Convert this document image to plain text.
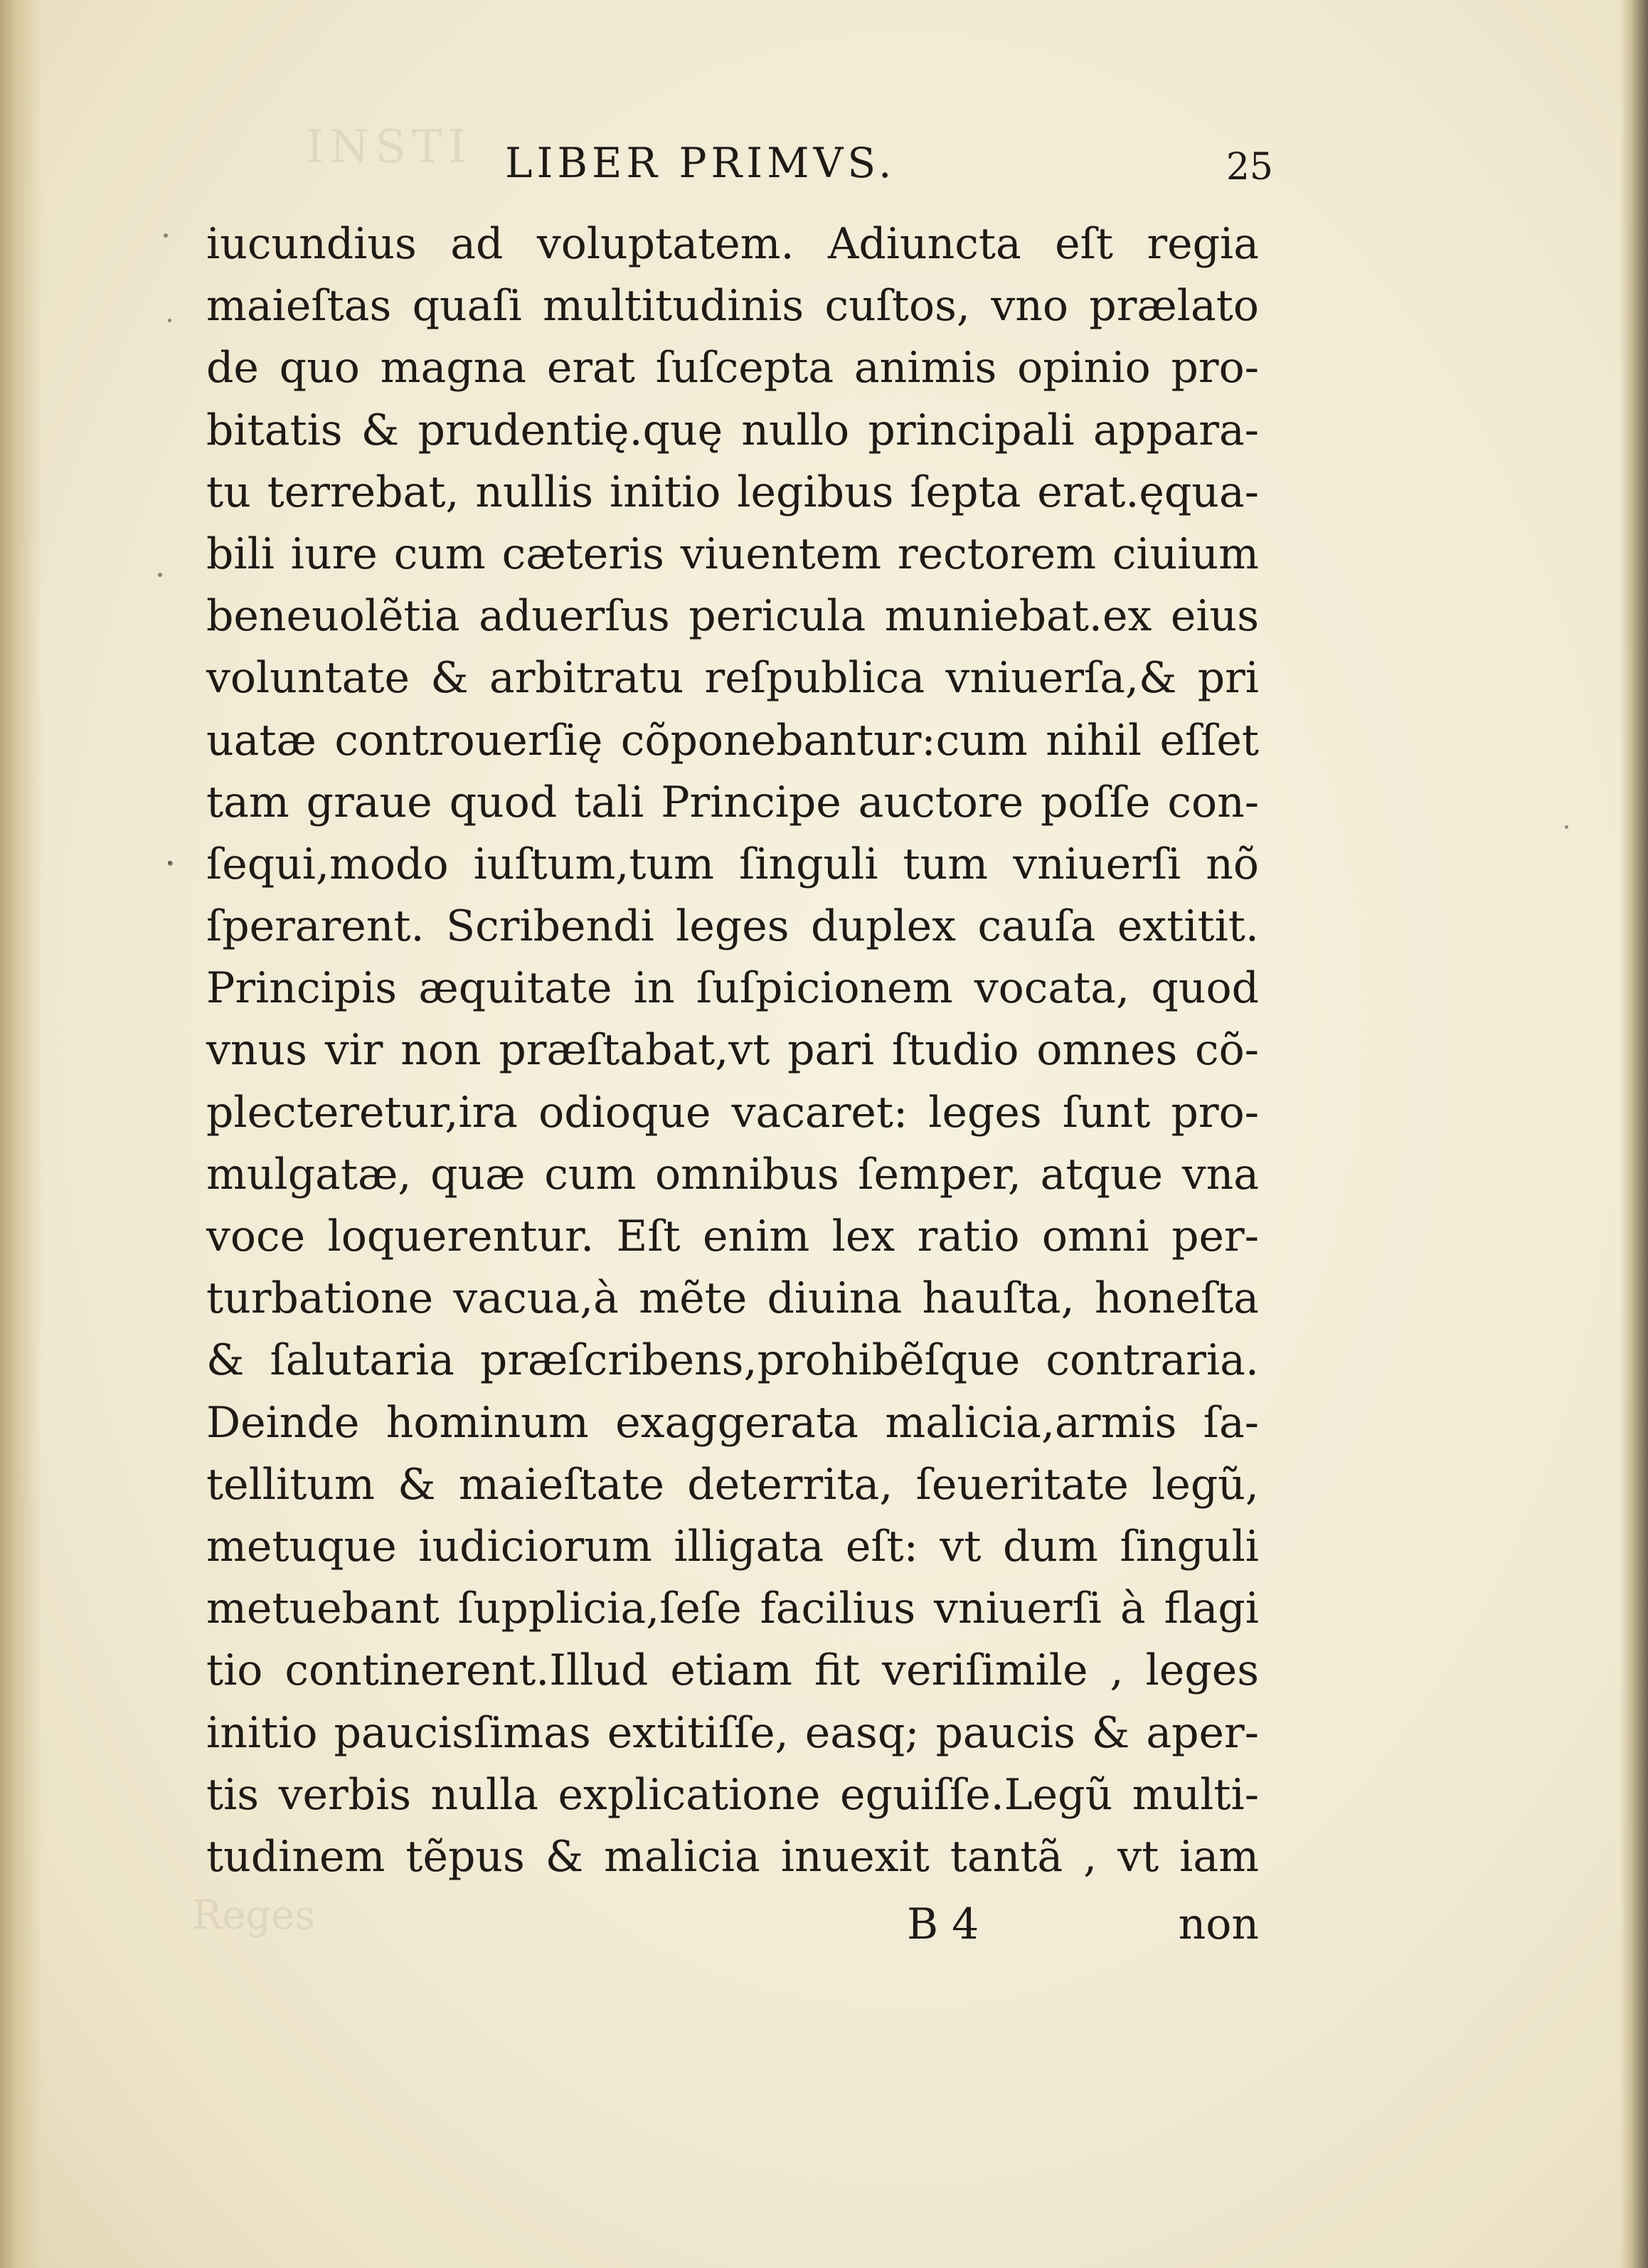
INSTI
Reges
LIBER PRIMVS.	25
iucundius ad voluptatem. Adiuncta eſt regia
maieſtas quaſi multitudinis cuſtos, vno prælato
de quo magna erat ſuſcepta animis opinio pro-
bitatis & prudentię.quę nullo principali appara-
tu terrebat, nullis initio legibus ſepta erat.ęqua-
bili iure cum cæteris viuentem rectorem ciuium
beneuolẽtia aduerſus pericula muniebat.ex eius
voluntate & arbitratu reſpublica vniuerſa,& pri
uatæ controuerſię cõponebantur:cum nihil eſſet
tam graue quod tali Principe auctore poſſe con-
ſequi,modo iuſtum,tum ſinguli tum vniuerſi nõ
ſperarent. Scribendi leges duplex cauſa extitit.
Principis æquitate in ſuſpicionem vocata, quod
vnus vir non præſtabat,vt pari ſtudio omnes cõ-
plecteretur,ira odioque vacaret: leges ſunt pro-
mulgatæ, quæ cum omnibus ſemper, atque vna
voce loquerentur. Eſt enim lex ratio omni per-
turbatione vacua,à mẽte diuina hauſta, honeſta
& ſalutaria præſcribens,prohibẽſque contraria.
Deinde hominum exaggerata malicia,armis ſa-
tellitum & maieſtate deterrita, ſeueritate legũ,
metuque iudiciorum illigata eſt: vt dum ſinguli
metuebant ſupplicia,ſeſe facilius vniuerſi à flagi
tio continerent.Illud etiam fit veriſimile , leges
initio paucisſimas extitiſſe, easq; paucis & aper-
tis verbis nulla explicatione eguiſſe.Legũ multi-
tudinem tẽpus & malicia inuexit tantã , vt iam
B 4	non
